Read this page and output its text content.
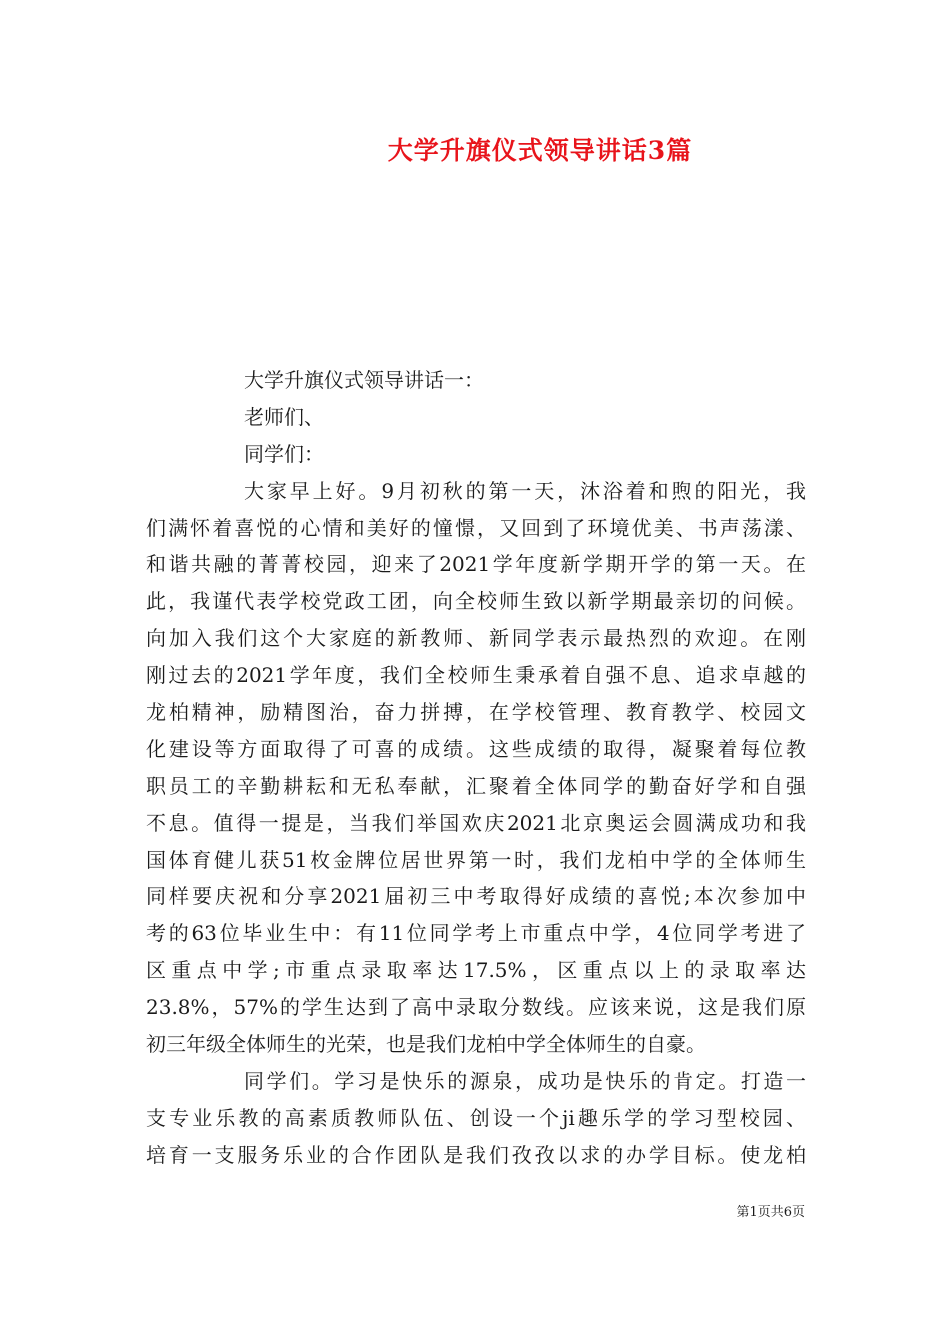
大学升旗仪式领导讲话3篇
大学升旗仪式领导讲话一：
老师们、
同学们：
大家早上好。9月初秋的第一天，沐浴着和煦的阳光，我
们满怀着喜悦的心情和美好的憧憬，又回到了环境优美、书声荡漾、
和谐共融的菁菁校园，迎来了2021学年度新学期开学的第一天。在
此，我谨代表学校党政工团，向全校师生致以新学期最亲切的问候。
向加入我们这个大家庭的新教师、新同学表示最热烈的欢迎。在刚
刚过去的2021学年度，我们全校师生秉承着自强不息、追求卓越的
龙柏精神，励精图治，奋力拼搏，在学校管理、教育教学、校园文
化建设等方面取得了可喜的成绩。这些成绩的取得，凝聚着每位教
职员工的辛勤耕耘和无私奉献，汇聚着全体同学的勤奋好学和自强
不息。值得一提是，当我们举国欢庆2021北京奥运会圆满成功和我
国体育健儿获51枚金牌位居世界第一时，我们龙柏中学的全体师生
同样要庆祝和分享2021届初三中考取得好成绩的喜悦;本次参加中
考的63位毕业生中：有11位同学考上市重点中学，4位同学考进了
区重点中学;市重点录取率达17.5%，区重点以上的录取率达
23.8%，57%的学生达到了高中录取分数线。应该来说，这是我们原
初三年级全体师生的光荣，也是我们龙柏中学全体师生的自豪。
同学们。学习是快乐的源泉，成功是快乐的肯定。打造一
支专业乐教的高素质教师队伍、创设一个ji趣乐学的学习型校园、
培育一支服务乐业的合作团队是我们孜孜以求的办学目标。使龙柏
第1页共6页
